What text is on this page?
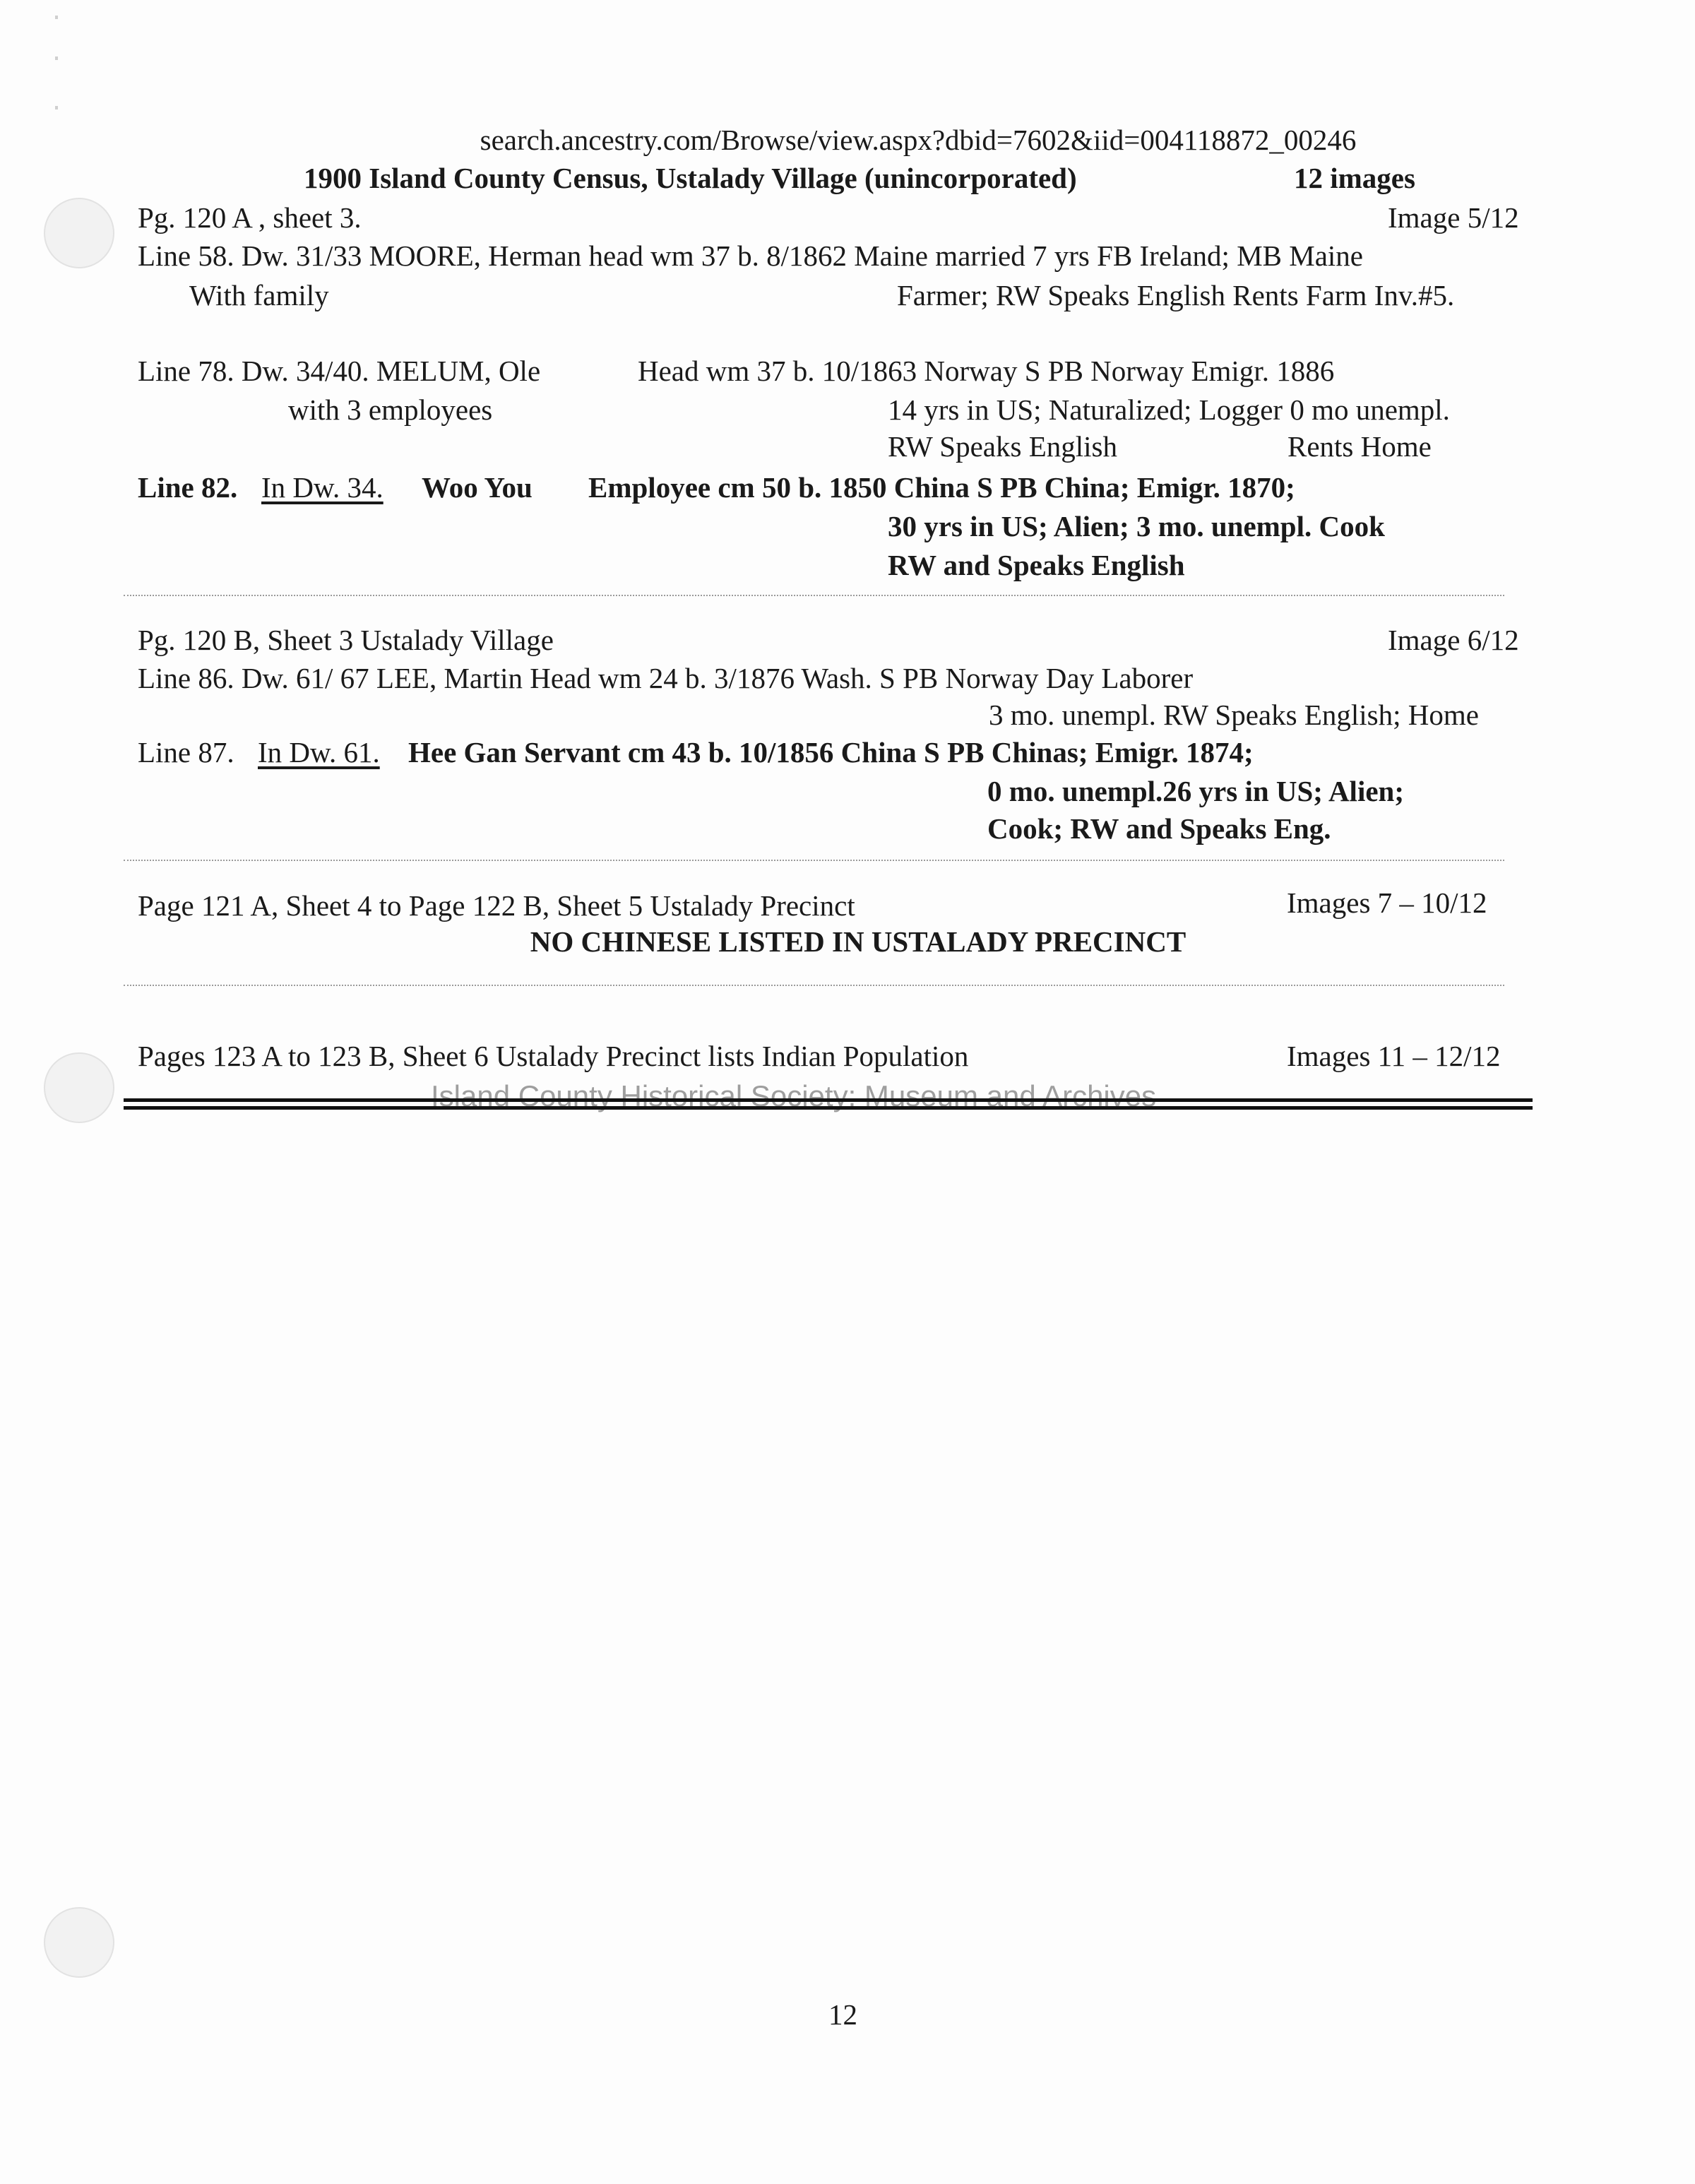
search.ancestry.com/Browse/view.aspx?dbid=7602&iid=004118872_00246
1900 Island County Census, Ustalady Village (unincorporated)	12 images
Pg. 120 A , sheet 3.	Image 5/12
Line 58. Dw. 31/33 MOORE, Herman head wm 37 b. 8/1862 Maine married 7 yrs FB Ireland; MB Maine
With family	Farmer; RW Speaks English Rents Farm Inv.#5.
Line 78. Dw. 34/40. MELUM, Ole	Head wm 37 b. 10/1863 Norway S PB Norway Emigr. 1886
with 3 employees	14 yrs in US; Naturalized; Logger 0 mo unempl.
RW Speaks English	Rents Home
Line 82. In Dw. 34. Woo You Employee cm 50 b. 1850 China S PB China; Emigr. 1870;
30 yrs in US; Alien; 3 mo. unempl. Cook
RW and Speaks English
Pg. 120 B, Sheet 3 Ustalady Village	Image 6/12
Line 86. Dw. 61/ 67 LEE, Martin Head wm 24 b. 3/1876 Wash. S PB Norway Day Laborer
3 mo. unempl. RW Speaks English; Home
Line 87. In Dw. 61. Hee Gan Servant cm 43 b. 10/1856 China S PB Chinas; Emigr. 1874;
0 mo. unempl.26 yrs in US; Alien;
Cook; RW and Speaks Eng.
Page 121 A, Sheet 4 to Page 122 B, Sheet 5 Ustalady Precinct	Images 7 – 10/12
NO CHINESE LISTED IN USTALADY PRECINCT
Pages 123 A to 123 B, Sheet 6 Ustalady Precinct lists Indian Population	Images 11 – 12/12
Island County Historical Society: Museum and Archives
12
